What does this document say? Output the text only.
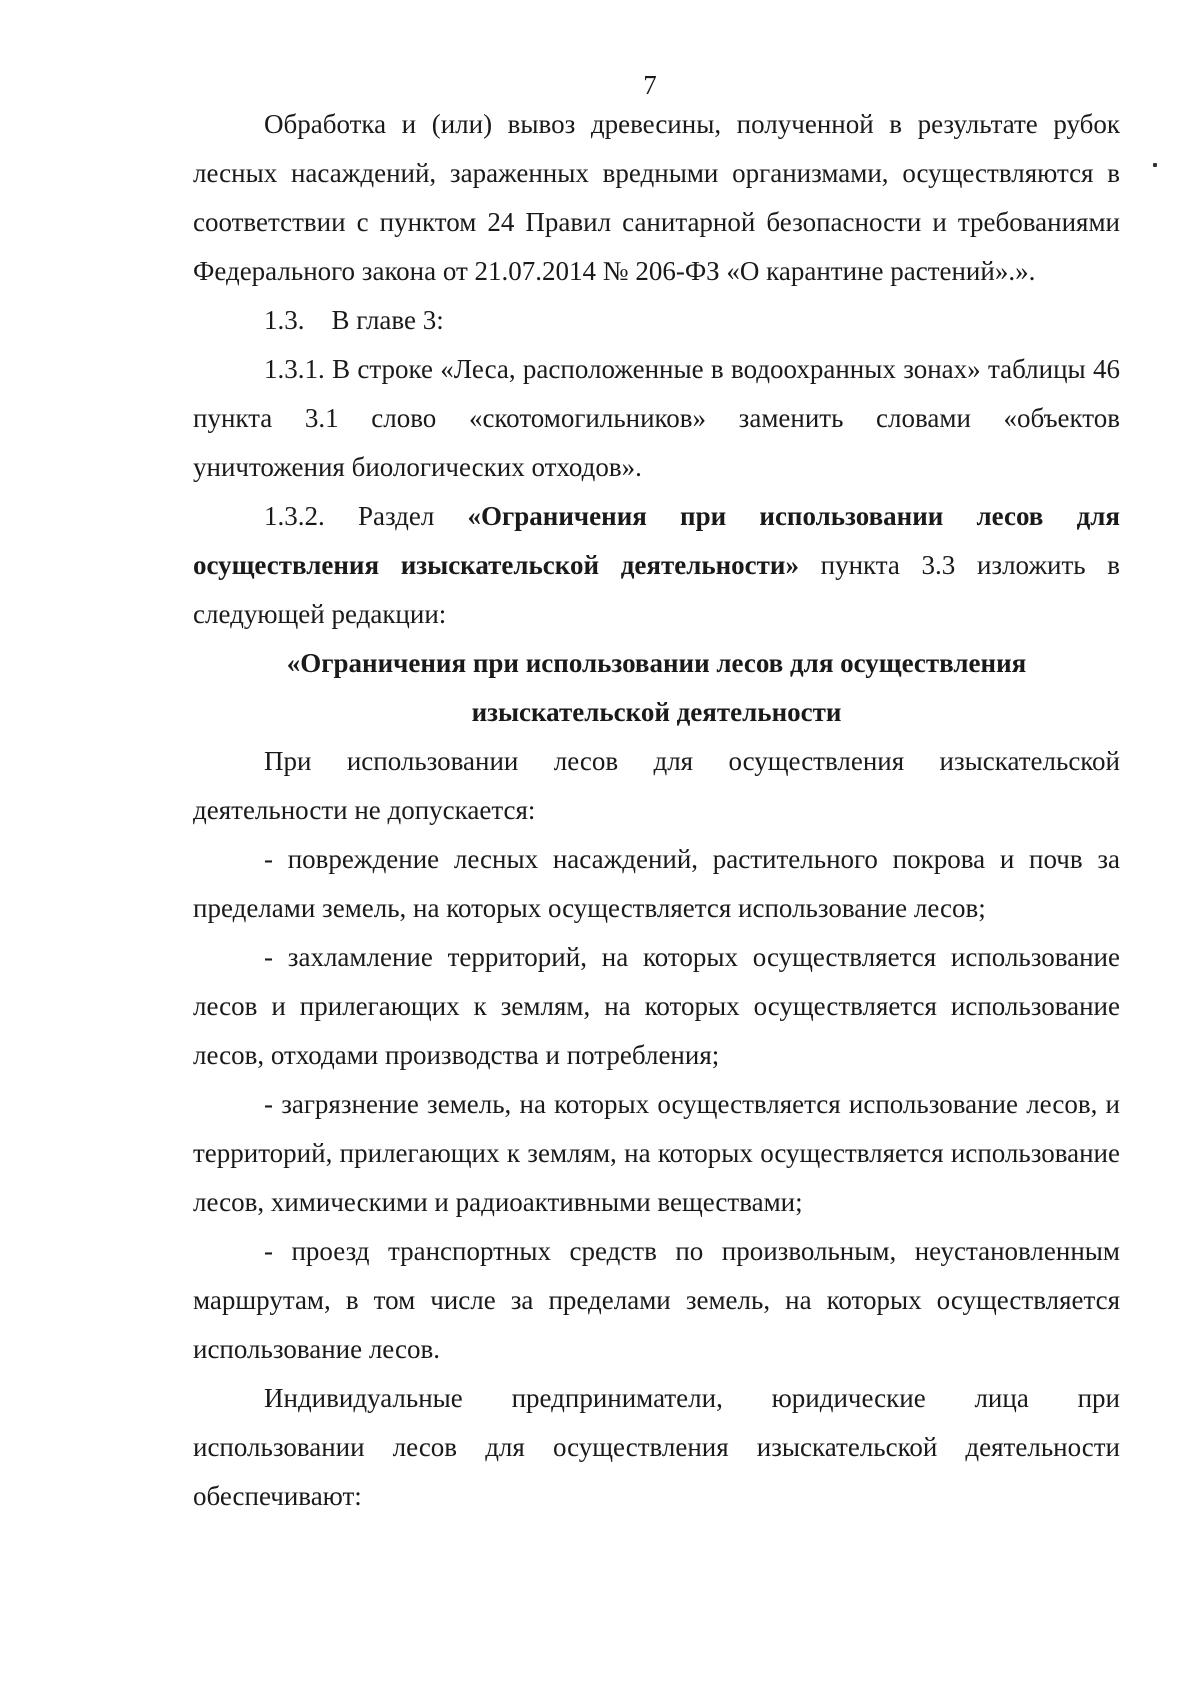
7

Обработка и (или) вывоз древесины, полученной в результате рубок лесных насаждений, зараженных вредными организмами, осуществляются в соответствии с пунктом 24 Правил санитарной безопасности и требованиями Федерального закона от 21.07.2014 № 206-ФЗ «О карантине растений».».

1.3. В главе 3:

1.3.1. В строке «Леса, расположенные в водоохранных зонах» таблицы 46 пункта 3.1 слово «скотомогильников» заменить словами «объектов уничтожения биологических отходов».

1.3.2. Раздел «Ограничения при использовании лесов для осуществления изыскательской деятельности» пункта 3.3 изложить в следующей редакции:

«Ограничения при использовании лесов для осуществления

изыскательской деятельности

При использовании лесов для осуществления изыскательской деятельности не допускается:

- повреждение лесных насаждений, растительного покрова и почв за пределами земель, на которых осуществляется использование лесов;

- захламление территорий, на которых осуществляется использование лесов и прилегающих к землям, на которых осуществляется использование лесов, отходами производства и потребления;

- загрязнение земель, на которых осуществляется использование лесов, и территорий, прилегающих к землям, на которых осуществляется использование лесов, химическими и радиоактивными веществами;

- проезд транспортных средств по произвольным, неустановленным маршрутам, в том числе за пределами земель, на которых осуществляется использование лесов.

Индивидуальные предприниматели, юридические лица при использовании лесов для осуществления изыскательской деятельности обеспечивают:
